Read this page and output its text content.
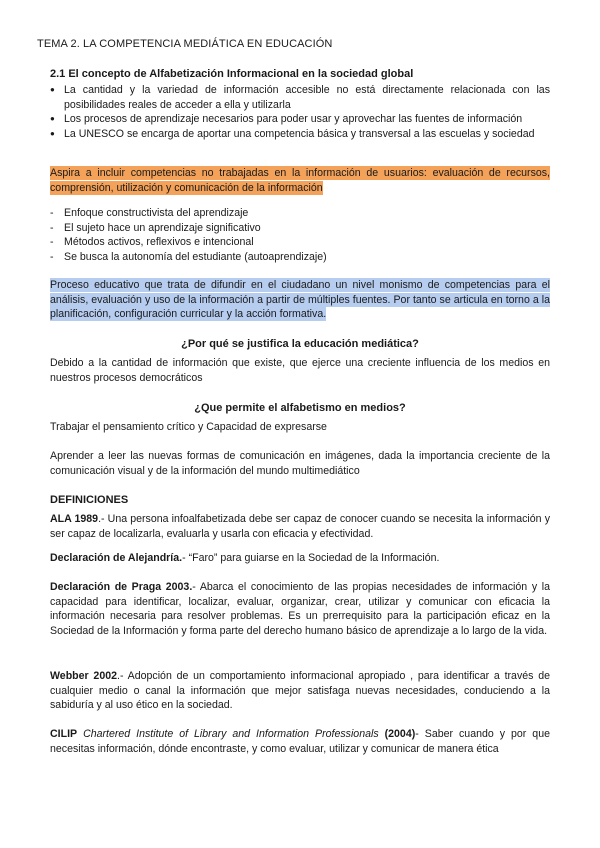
TEMA 2. LA COMPETENCIA MEDIÁTICA EN EDUCACIÓN
2.1 El concepto de Alfabetización Informacional en la sociedad global
● La cantidad y la variedad de información accesible no está directamente relacionada con las posibilidades reales de acceder a ella y utilizarla
● Los procesos de aprendizaje necesarios para poder usar y aprovechar las fuentes de información
● La UNESCO se encarga de aportar una competencia básica y transversal a las escuelas y sociedad
Aspira a incluir competencias no trabajadas en la información de usuarios: evaluación de recursos, comprensión, utilización y comunicación de la información
- Enfoque constructivista del aprendizaje
- El sujeto hace un aprendizaje significativo
- Métodos activos, reflexivos e intencional
- Se busca la autonomía del estudiante (autoaprendizaje)
Proceso educativo que trata de difundir en el ciudadano un nivel monismo de competencias para el análisis, evaluación y uso de la información a partir de múltiples fuentes. Por tanto se articula en torno a la planificación, configuración curricular y la acción formativa.
¿Por qué se justifica la educación mediática?
Debido a la cantidad de información que existe, que ejerce una creciente influencia de los medios en nuestros procesos democráticos
¿Que permite el alfabetismo en medios?
Trabajar el pensamiento crítico y Capacidad de expresarse
Aprender a leer las nuevas formas de comunicación en imágenes, dada la importancia creciente de la comunicación visual y de la información del mundo multimediático
DEFINICIONES
ALA 1989.- Una persona infoalfabetizada debe ser capaz de conocer cuando se necesita la información y ser capaz de localizarla, evaluarla y usarla con eficacia y efectividad.
Declaración de Alejandría.- “Faro” para guiarse en la Sociedad de la Información.
Declaración de Praga 2003.- Abarca el conocimiento de las propias necesidades de información y la capacidad para identificar, localizar, evaluar, organizar, crear, utilizar y comunicar con eficacia la información necesaria para resolver problemas. Es un prerrequisito para la participación eficaz en la Sociedad de la Información y forma parte del derecho humano básico de aprendizaje a lo largo de la vida.
Webber 2002.- Adopción de un comportamiento informacional apropiado , para identificar a través de cualquier medio o canal la información que mejor satisfaga nuevas necesidades, conduciendo a la sabiduría y al uso ético en la sociedad.
CILIP Chartered Institute of Library and Information Professionals (2004)- Saber cuando y por que necesitas información, dónde encontraste, y como evaluar, utilizar y comunicar de manera ética
